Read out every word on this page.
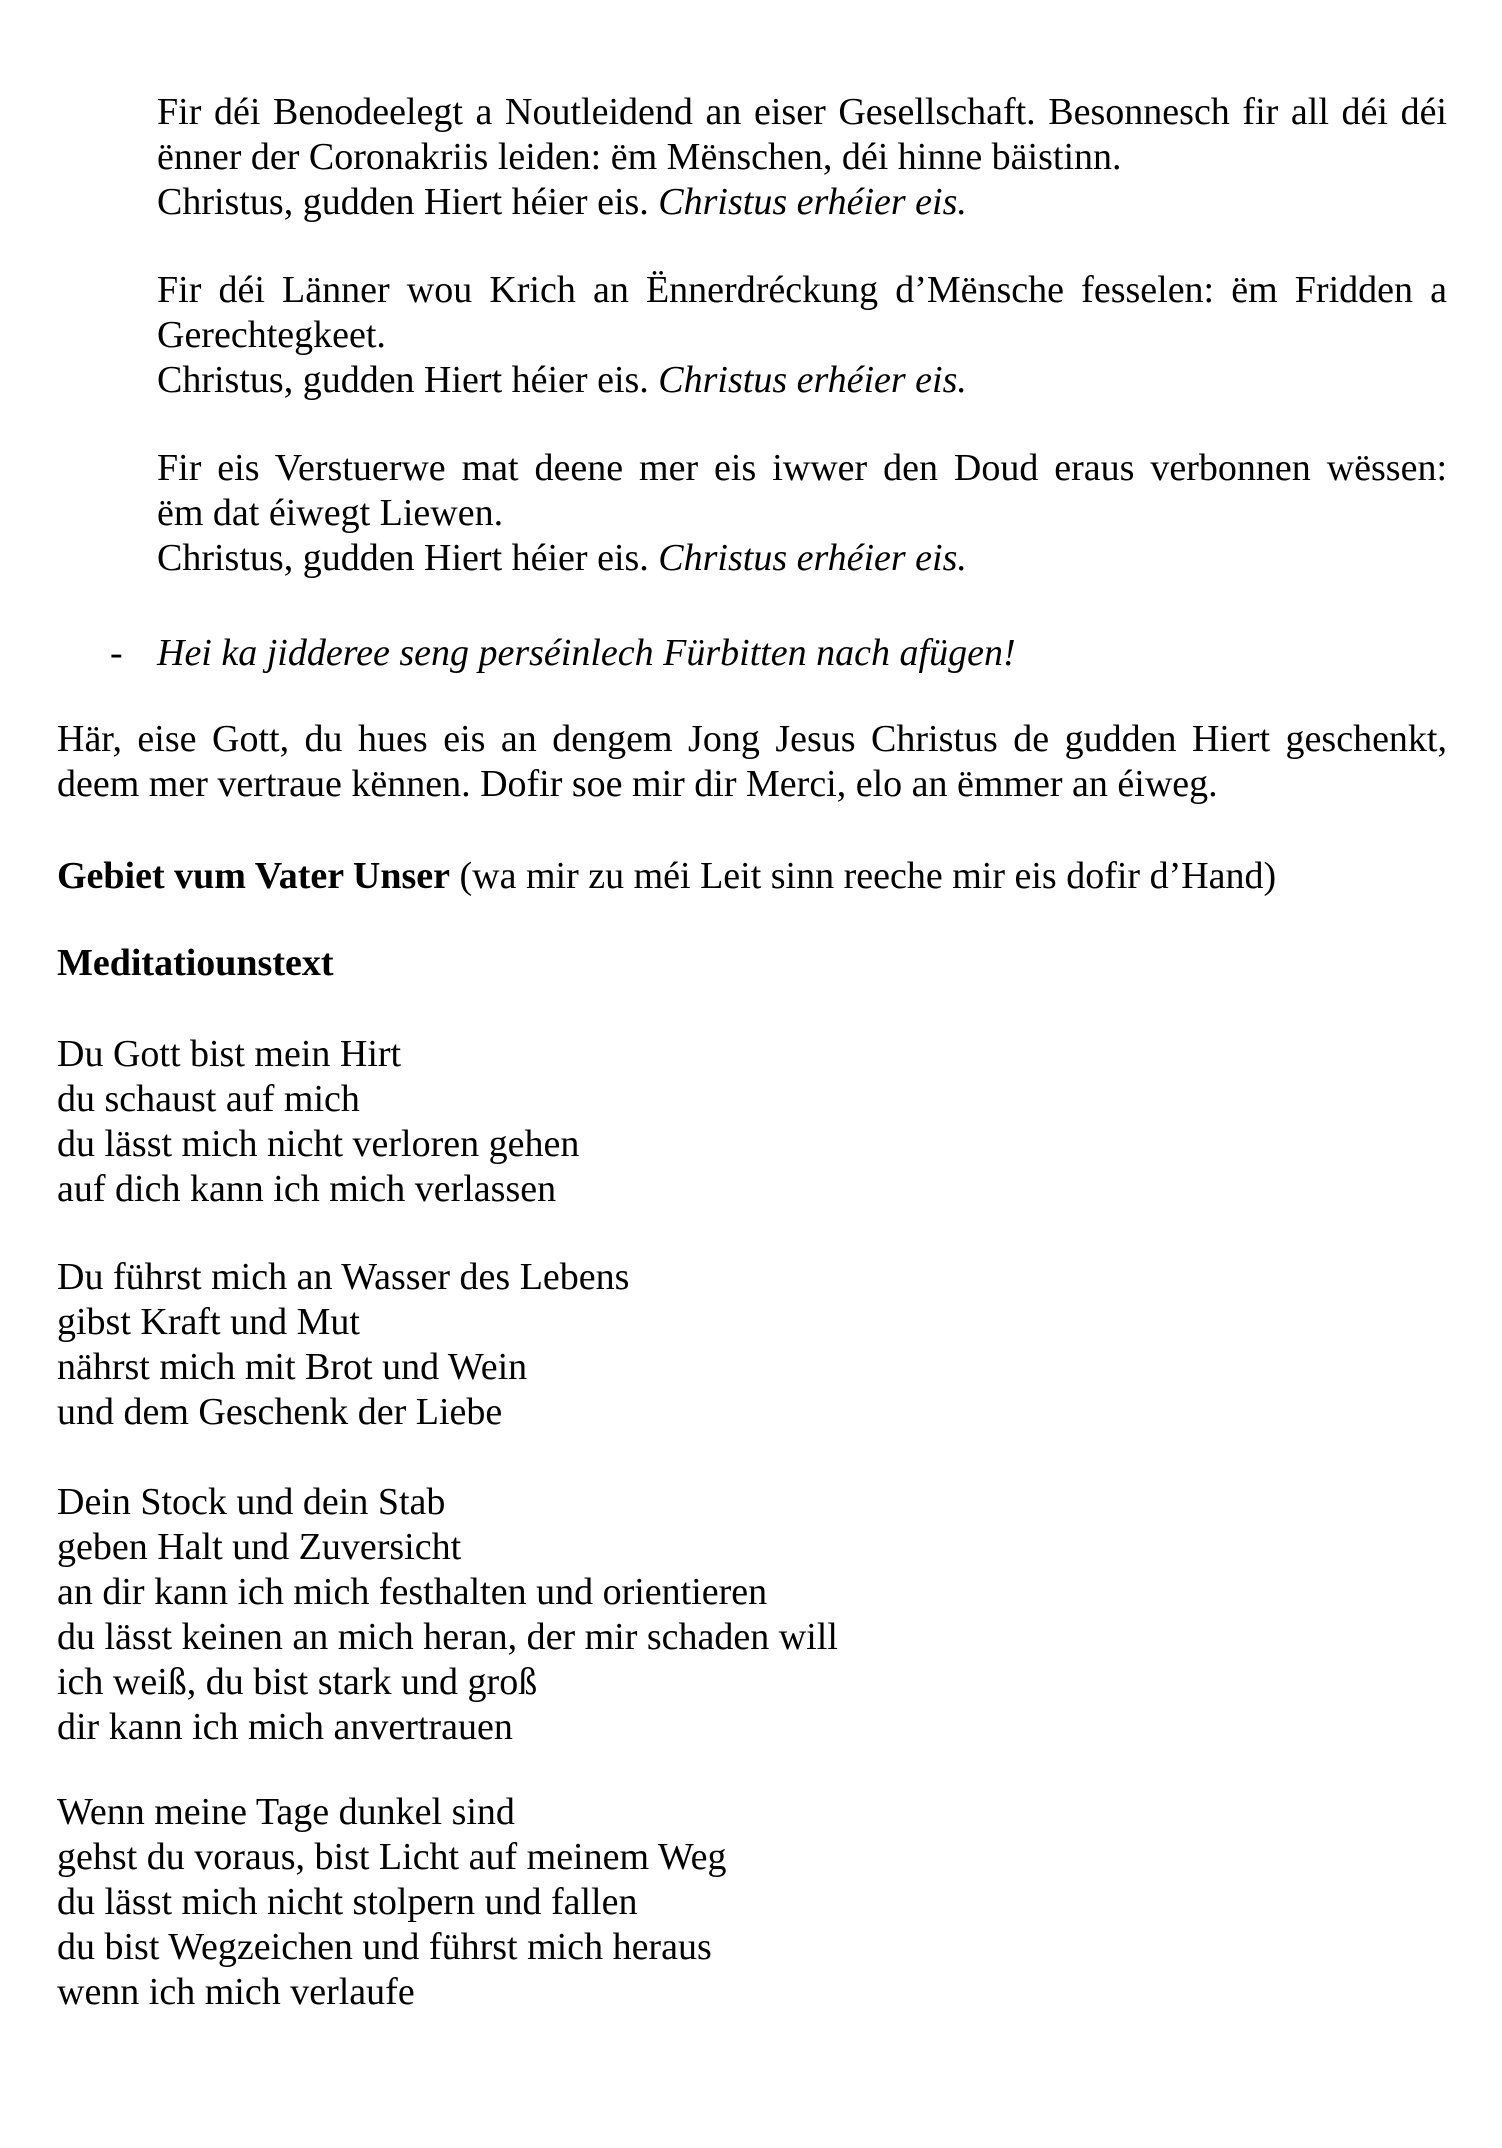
Fir déi Benodeelegt a Noutleidend an eiser Gesellschaft. Besonnesch fir all déi déi
ënner der Coronakriis leiden: ëm Mënschen, déi hinne bäistinn.
Christus, gudden Hiert héier eis. Christus erhéier eis.
Fir déi Länner wou Krich an Ënnerdréckung d’Mënsche fesselen: ëm Fridden a
Gerechtegkeet.
Christus, gudden Hiert héier eis. Christus erhéier eis.
Fir eis Verstuerwe mat deene mer eis iwwer den Doud eraus verbonnen wëssen:
ëm dat éiwegt Liewen.
Christus, gudden Hiert héier eis. Christus erhéier eis.
- Hei ka jidderee seng perséinlech Fürbitten nach afügen!
Här, eise Gott, du hues eis an dengem Jong Jesus Christus de gudden Hiert geschenkt,
deem mer vertraue kënnen. Dofir soe mir dir Merci, elo an ëmmer an éiweg.
Gebiet vum Vater Unser (wa mir zu méi Leit sinn reeche mir eis dofir d’Hand)
Meditatiounstext
Du Gott bist mein Hirt
du schaust auf mich
du lässt mich nicht verloren gehen
auf dich kann ich mich verlassen
Du führst mich an Wasser des Lebens
gibst Kraft und Mut
nährst mich mit Brot und Wein
und dem Geschenk der Liebe
Dein Stock und dein Stab
geben Halt und Zuversicht
an dir kann ich mich festhalten und orientieren
du lässt keinen an mich heran, der mir schaden will
ich weiß, du bist stark und groß
dir kann ich mich anvertrauen
Wenn meine Tage dunkel sind
gehst du voraus, bist Licht auf meinem Weg
du lässt mich nicht stolpern und fallen
du bist Wegzeichen und führst mich heraus
wenn ich mich verlaufe
